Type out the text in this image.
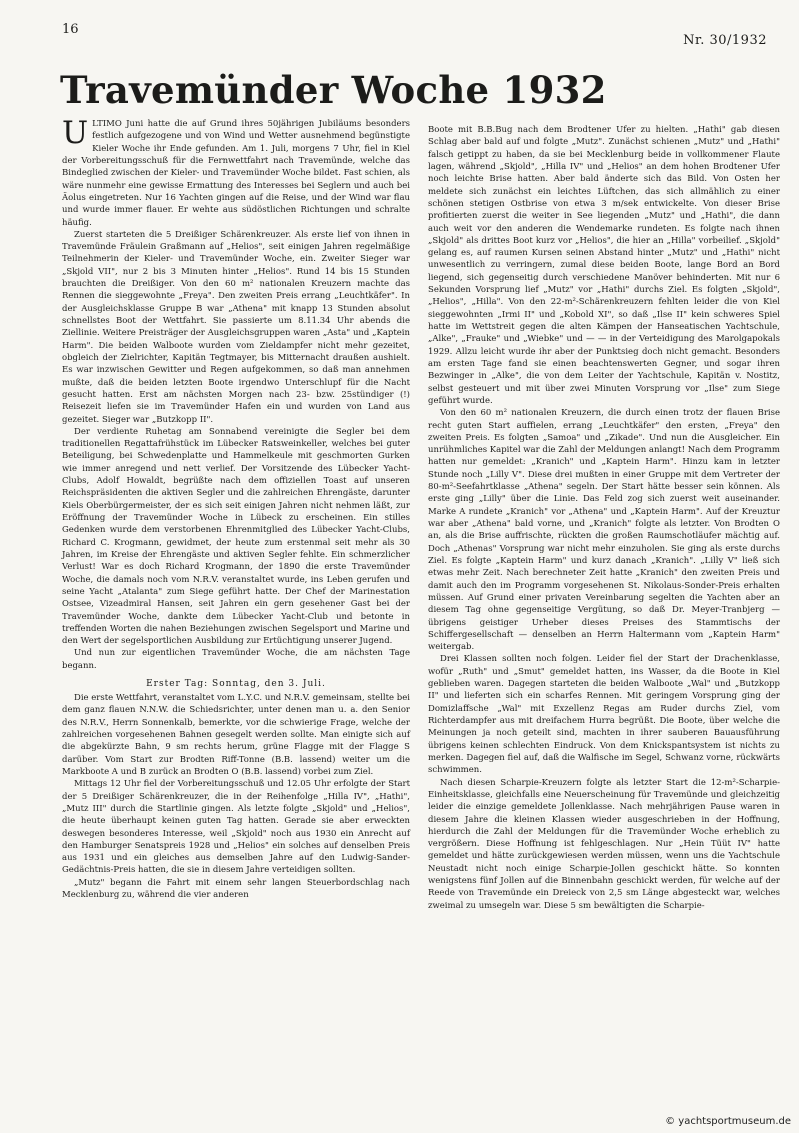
16
Nr. 30/1932
Travemünder Woche 1932

ULTIMO Juni hatte die auf Grund ihres 50jährigen Jubiläums besonders festlich aufgezogene und von Wind und Wetter ausnehmend begünstigte Kieler Woche ihr Ende gefunden. Am 1. Juli, morgens 7 Uhr, fiel in Kiel der Vorbereitungsschuß für die Fernwettfahrt nach Travemünde, welche das Bindeglied zwischen der Kieler- und Travemünder Woche bildet. Fast schien, als wäre nunmehr eine gewisse Ermattung des Interesses bei Seglern und auch bei Äolus eingetreten. Nur 16 Yachten gingen auf die Reise, und der Wind war flau und wurde immer flauer. Er wehte aus südöstlichen Richtungen und schralte häufig.

Zuerst starteten die 5 Dreißiger Schärenkreuzer. Als erste lief von ihnen in Travemünde Fräulein Graßmann auf „Helios", seit einigen Jahren regelmäßige Teilnehmerin der Kieler- und Travemünder Woche, ein. Zweiter Sieger war „Skjold VII", nur 2 bis 3 Minuten hinter „Helios". Rund 14 bis 15 Stunden brauchten die Dreißiger. Von den 60 m² nationalen Kreuzern machte das Rennen die sieggewohnte „Freya". Den zweiten Preis errang „Leuchtkäfer". In der Ausgleichsklasse Gruppe B war „Athena" mit knapp 13 Stunden absolut schnellstes Boot der Wettfahrt. Sie passierte um 8.11.34 Uhr abends die Ziellinie. Weitere Preisträger der Ausgleichsgruppen waren „Asta" und „Kaptein Harm". Die beiden Walboote wurden vom Zieldampfer nicht mehr gezeitet, obgleich der Zielrichter, Kapitän Tegtmayer, bis Mitternacht draußen aushielt. Es war inzwischen Gewitter und Regen aufgekommen, so daß man annehmen mußte, daß die beiden letzten Boote irgendwo Unterschlupf für die Nacht gesucht hatten. Erst am nächsten Morgen nach 23- bzw. 25stündiger (!) Reisezeit liefen sie im Travemünder Hafen ein und wurden von Land aus gezeitet. Sieger war „Butzkopp II".

Der verdiente Ruhetag am Sonnabend vereinigte die Segler bei dem traditionellen Regattafrühstück im Lübecker Ratsweinkeller, welches bei guter Beteiligung, bei Schwedenplatte und Hammelkeule mit geschmorten Gurken wie immer anregend und nett verlief. Der Vorsitzende des Lübecker Yacht-Clubs, Adolf Howaldt, begrüßte nach dem offiziellen Toast auf unseren Reichspräsidenten die aktiven Segler und die zahlreichen Ehrengäste, darunter Kiels Oberbürgermeister, der es sich seit einigen Jahren nicht nehmen läßt, zur Eröffnung der Travemünder Woche in Lübeck zu erscheinen. Ein stilles Gedenken wurde dem verstorbenen Ehrenmitglied des Lübecker Yacht-Clubs, Richard C. Krogmann, gewidmet, der heute zum erstenmal seit mehr als 30 Jahren, im Kreise der Ehrengäste und aktiven Segler fehlte. Ein schmerzlicher Verlust! War es doch Richard Krogmann, der 1890 die erste Travemünder Woche, die damals noch vom N.R.V. veranstaltet wurde, ins Leben gerufen und seine Yacht „Atalanta" zum Siege geführt hatte. Der Chef der Marinestation Ostsee, Vizeadmiral Hansen, seit Jahren ein gern gesehener Gast bei der Travemünder Woche, dankte dem Lübecker Yacht-Club und betonte in treffenden Worten die nahen Beziehungen zwischen Segelsport und Marine und den Wert der segelsportlichen Ausbildung zur Ertüchtigung unserer Jugend.

Und nun zur eigentlichen Travemünder Woche, die am nächsten Tage begann.

Erster Tag: Sonntag, den 3. Juli.

Die erste Wettfahrt, veranstaltet vom L.Y.C. und N.R.V. gemeinsam, stellte bei dem ganz flauen N.N.W. die Schiedsrichter, unter denen man u. a. den Senior des N.R.V., Herrn Sonnenkalb, bemerkte, vor die schwierige Frage, welche der zahlreichen vorgesehenen Bahnen gesegelt werden sollte. Man einigte sich auf die abgekürzte Bahn, 9 sm rechts herum, grüne Flagge mit der Flagge S darüber. Vom Start zur Brodten Riff-Tonne (B.B. lassend) weiter um die Markboote A und B zurück an Brodten O (B.B. lassend) vorbei zum Ziel.

Mittags 12 Uhr fiel der Vorbereitungsschuß und 12.05 Uhr erfolgte der Start der 5 Dreißiger Schärenkreuzer, die in der Reihenfolge „Hilla IV", „Hathi", „Mutz III" durch die Startlinie gingen. Als letzte folgte „Skjold" und „Helios", die heute überhaupt keinen guten Tag hatten. Gerade sie aber erweckten deswegen besonderes Interesse, weil „Skjold" noch aus 1930 ein Anrecht auf den Hamburger Senatspreis 1928 und „Helios" ein solches auf denselben Preis aus 1931 und ein gleiches aus demselben Jahre auf den Ludwig-Sander-Gedächtnis-Preis hatten, die sie in diesem Jahre verteidigen sollten.

„Mutz" begann die Fahrt mit einem sehr langen Steuerbordschlag nach Mecklenburg zu, während die vier anderen

Boote mit B.B.Bug nach dem Brodtener Ufer zu hielten. „Hathi" gab diesen Schlag aber bald auf und folgte „Mutz". Zunächst schienen „Mutz" und „Hathi" falsch getippt zu haben, da sie bei Mecklenburg beide in vollkommener Flaute lagen, während „Skjold", „Hilla IV" und „Helios" an dem hohen Brodtener Ufer noch leichte Brise hatten. Aber bald änderte sich das Bild. Von Osten her meldete sich zunächst ein leichtes Lüftchen, das sich allmählich zu einer schönen stetigen Ostbrise von etwa 3 m/sek entwickelte. Von dieser Brise profitierten zuerst die weiter in See liegenden „Mutz" und „Hathi", die dann auch weit vor den anderen die Wendemarke rundeten. Es folgte nach ihnen „Skjold" als drittes Boot kurz vor „Helios", die hier an „Hilla" vorbeilief. „Skjold" gelang es, auf raumen Kursen seinen Abstand hinter „Mutz" und „Hathi" nicht unwesentlich zu verringern, zumal diese beiden Boote, lange Bord an Bord liegend, sich gegenseitig durch verschiedene Manöver behinderten. Mit nur 6 Sekunden Vorsprung lief „Mutz" vor „Hathi" durchs Ziel. Es folgten „Skjold", „Helios", „Hilla". Von den 22-m²-Schärenkreuzern fehlten leider die von Kiel sieggewohnten „Irmi II" und „Kobold XI", so daß „Ilse II" kein schweres Spiel hatte im Wettstreit gegen die alten Kämpen der Hanseatischen Yachtschule, „Alke", „Frauke" und „Wiebke" und — — in der Verteidigung des Marolgapokals 1929. Allzu leicht wurde ihr aber der Punktsieg doch nicht gemacht. Besonders am ersten Tage fand sie einen beachtenswerten Gegner, und sogar ihren Bezwinger in „Alke", die von dem Leiter der Yachtschule, Kapitän v. Nostitz, selbst gesteuert und mit über zwei Minuten Vorsprung vor „Ilse" zum Siege geführt wurde.

Von den 60 m² nationalen Kreuzern, die durch einen trotz der flauen Brise recht guten Start auffielen, errang „Leuchtkäfer" den ersten, „Freya" den zweiten Preis. Es folgten „Samoa" und „Zikade". Und nun die Ausgleicher. Ein unrühmliches Kapitel war die Zahl der Meldungen anlangt! Nach dem Programm hatten nur gemeldet: „Kranich" und „Kaptein Harm". Hinzu kam in letzter Stunde noch „Lilly V". Diese drei mußten in einer Gruppe mit dem Vertreter der 80-m²-Seefahrtklasse „Athena" segeln. Der Start hätte besser sein können. Als erste ging „Lilly" über die Linie. Das Feld zog sich zuerst weit auseinander. Marke A rundete „Kranich" vor „Athena" und „Kaptein Harm". Auf der Kreuztur war aber „Athena" bald vorne, und „Kranich" folgte als letzter. Von Brodten O an, als die Brise auffrischte, rückten die großen Raumschotläufer mächtig auf. Doch „Athenas" Vorsprung war nicht mehr einzuholen. Sie ging als erste durchs Ziel. Es folgte „Kaptein Harm" und kurz danach „Kranich". „Lilly V" ließ sich etwas mehr Zeit. Nach berechneter Zeit hatte „Kranich" den zweiten Preis und damit auch den im Programm vorgesehenen St. Nikolaus-Sonder-Preis erhalten müssen. Auf Grund einer privaten Vereinbarung segelten die Yachten aber an diesem Tag ohne gegenseitige Vergütung, so daß Dr. Meyer-Tranbjerg — übrigens geistiger Urheber dieses Preises des Stammtischs der Schiffergesellschaft — denselben an Herrn Haltermann vom „Kaptein Harm" weitergab.

Drei Klassen sollten noch folgen. Leider fiel der Start der Drachenklasse, wofür „Ruth" und „Smut" gemeldet hatten, ins Wasser, da die Boote in Kiel geblieben waren. Dagegen starteten die beiden Walboote „Wal" und „Butzkopp II" und lieferten sich ein scharfes Rennen. Mit geringem Vorsprung ging der Domizlaffsche „Wal" mit Exzellenz Regas am Ruder durchs Ziel, vom Richterdampfer aus mit dreifachem Hurra begrüßt. Die Boote, über welche die Meinungen ja noch geteilt sind, machten in ihrer sauberen Bauausführung übrigens keinen schlechten Eindruck. Von dem Knickspantsystem ist nichts zu merken. Dagegen fiel auf, daß die Walfische im Segel, Schwanz vorne, rückwärts schwimmen.

Nach diesen Scharpie-Kreuzern folgte als letzter Start die 12-m²-Scharpie-Einheitsklasse, gleichfalls eine Neuerscheinung für Travemünde und gleichzeitig leider die einzige gemeldete Jollenklasse. Nach mehrjährigen Pause waren in diesem Jahre die kleinen Klassen wieder ausgeschrieben in der Hoffnung, hierdurch die Zahl der Meldungen für die Travemünder Woche erheblich zu vergrößern. Diese Hoffnung ist fehlgeschlagen. Nur „Hein Tüüt IV" hatte gemeldet und hätte zurückgewiesen werden müssen, wenn uns die Yachtschule Neustadt nicht noch einige Scharpie-Jollen geschickt hätte. So konnten wenigstens fünf Jollen auf die Binnenbahn geschickt werden, für welche auf der Reede von Travemünde ein Dreieck von 2,5 sm Länge abgesteckt war, welches zweimal zu umsegeln war. Diese 5 sm bewältigten die Scharpie-

© yachtsportmuseum.de
